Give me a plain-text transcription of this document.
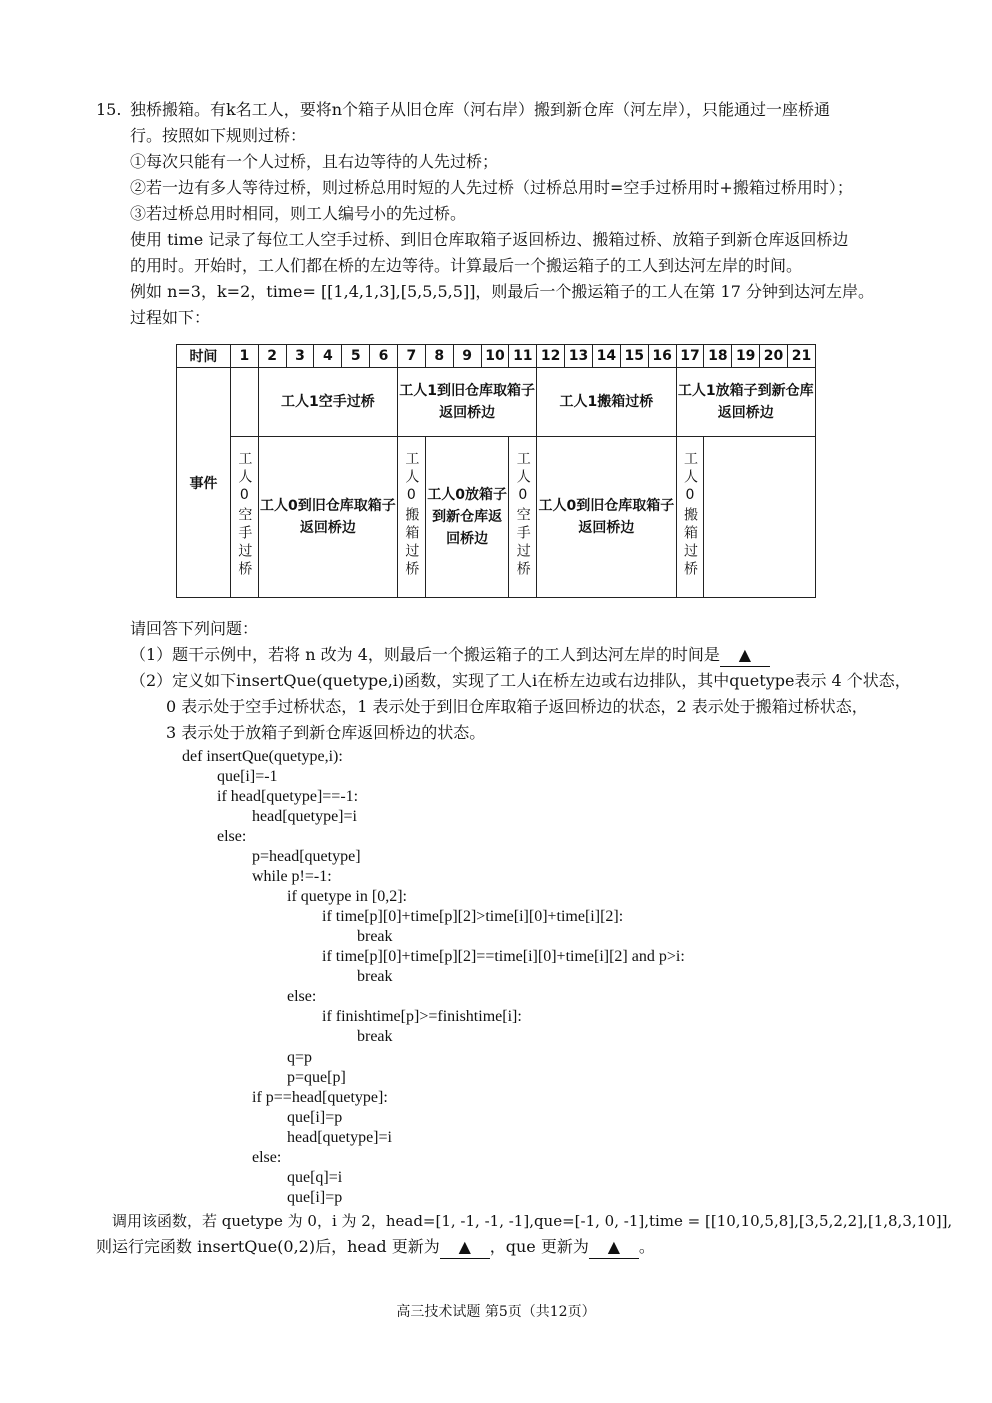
15. 独桥搬箱。有k名工人，要将n个箱子从旧仓库（河右岸）搬到新仓库（河左岸），只能通过一座桥通
行。按照如下规则过桥：
①每次只能有一个人过桥，且右边等待的人先过桥；
②若一边有多人等待过桥，则过桥总用时短的人先过桥（过桥总用时=空手过桥用时+搬箱过桥用时）；
③若过桥总用时相同，则工人编号小的先过桥。
使用 time 记录了每位工人空手过桥、到旧仓库取箱子返回桥边、搬箱过桥、放箱子到新仓库返回桥边
的用时。开始时，工人们都在桥的左边等待。计算最后一个搬运箱子的工人到达河左岸的时间。
例如 n=3，k=2，time= [[1,4,1,3],[5,5,5,5]]，则最后一个搬运箱子的工人在第 17 分钟到达河左岸。
过程如下：
时间	1	2	3	4	5	6	7	8	9	10	11	12	13	14	15	16	17	18	19	20	21
事件		工人1空手过桥					工人1到旧仓库取箱子返回桥边					工人1搬箱过桥					工人1放箱子到新仓库返回桥边				
	工人0空手过桥	工人0到旧仓库取箱子返回桥边					工人0搬箱过桥	工人0放箱子到新仓库返回桥边			工人0空手过桥	工人0到旧仓库取箱子返回桥边					工人0搬箱过桥				
请回答下列问题：
（1）题干示例中，若将 n 改为 4，则最后一个搬运箱子的工人到达河左岸的时间是 ▲
（2）定义如下insertQue(quetype,i)函数，实现了工人i在桥左边或右边排队，其中quetype表示 4 个状态，
0 表示处于空手过桥状态，1 表示处于到旧仓库取箱子返回桥边的状态，2 表示处于搬箱过桥状态，
3 表示处于放箱子到新仓库返回桥边的状态。
def insertQue(quetype,i):
que[i]=-1
if head[quetype]==-1:
head[quetype]=i
else:
p=head[quetype]
while p!=-1:
if quetype in [0,2]:
if time[p][0]+time[p][2]>time[i][0]+time[i][2]:
break
if time[p][0]+time[p][2]==time[i][0]+time[i][2] and p>i:
break
else:
if finishtime[p]>=finishtime[i]:
break
q=p
p=que[p]
if p==head[quetype]:
que[i]=p
head[quetype]=i
else:
que[q]=i
que[i]=p
调用该函数，若 quetype 为 0，i 为 2，head=[1, -1, -1, -1],que=[-1, 0, -1],time = [[10,10,5,8],[3,5,2,2],[1,8,3,10]],
则运行完函数 insertQue(0,2)后，head 更新为 ▲ ，que 更新为 ▲ 。
高三技术试题 第5页（共12页）
